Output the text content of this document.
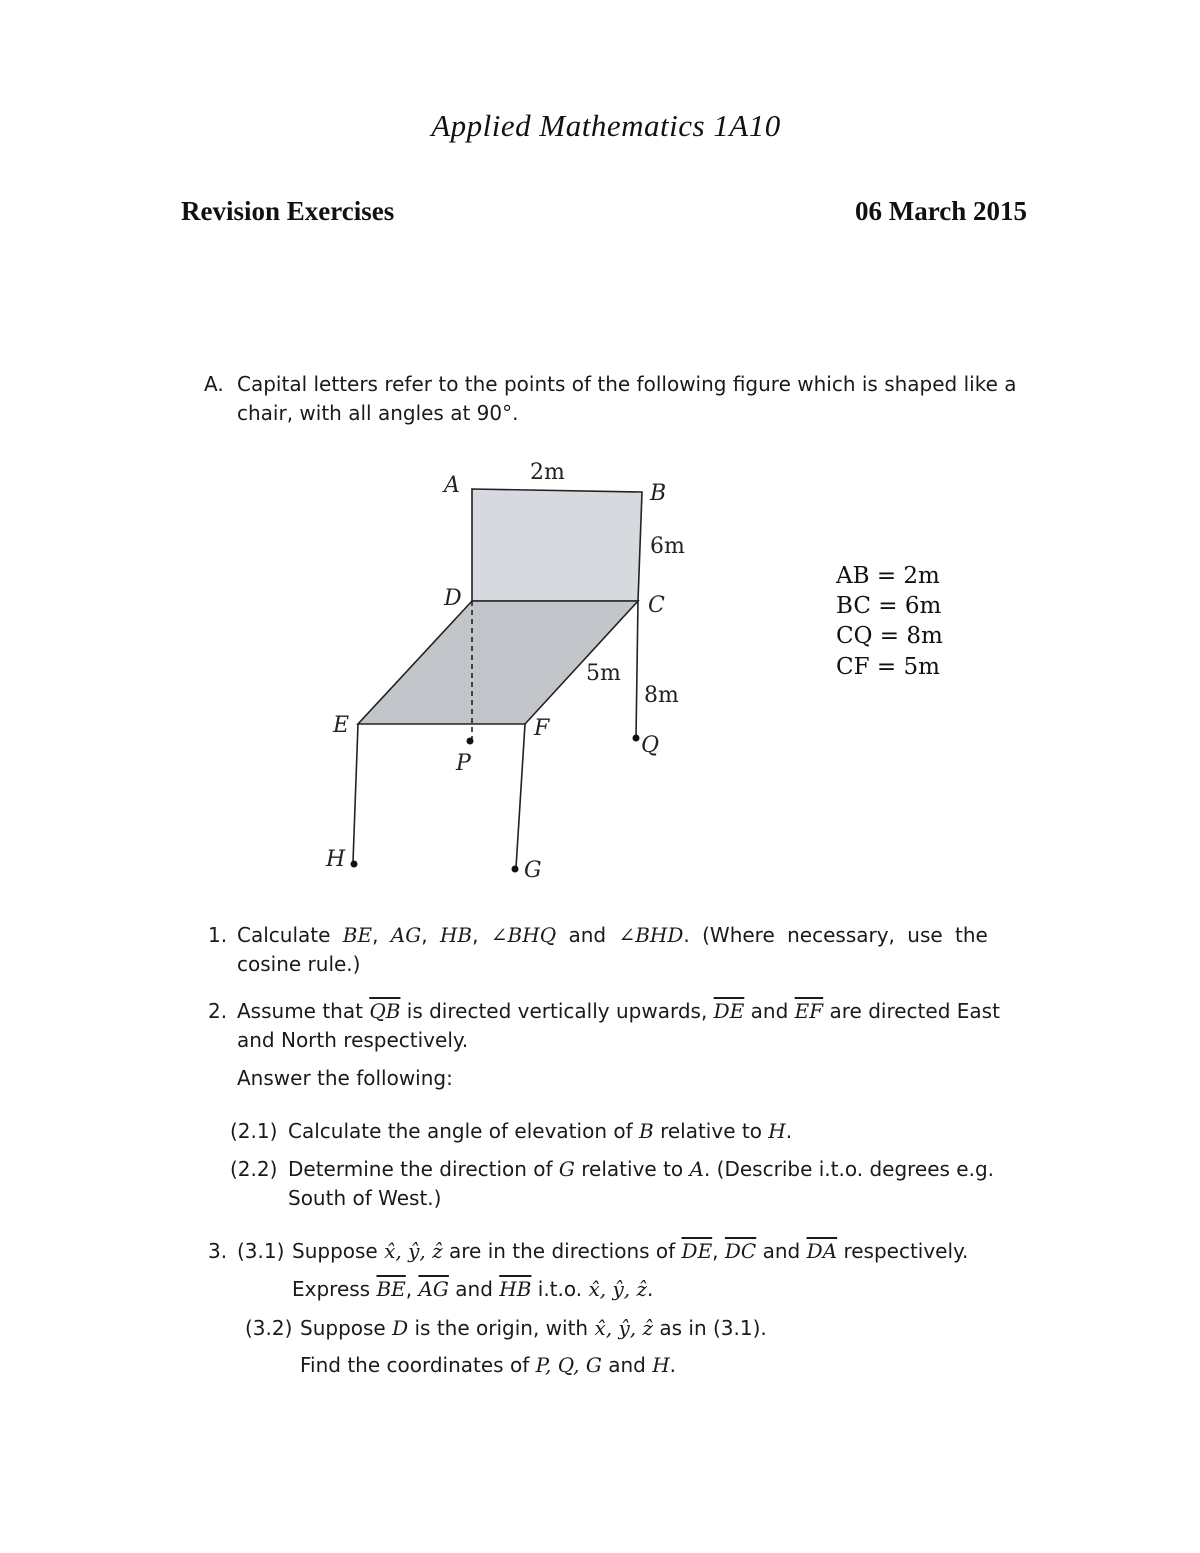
Applied Mathematics 1A10
Revision Exercises	06 March 2015
A. Capital letters refer to the points of the following figure which is shaped like a chair, with all angles at 90°.
A	B
C
D
E	F
P
Q
H	G
2m
6m
5m
8m
AB = 2m
BC = 6m
CQ = 8m
CF = 5m
1. Calculate BE, AG, HB, ∠BHQ and ∠BHD. (Where necessary, use the
cosine rule.)
2. Assume that $\overline{QB}$ is directed vertically upwards, $\overline{DE}$ and $\overline{EF}$ are directed East
and North respectively.
Answer the following:
(2.1) Calculate the angle of elevation of B relative to H.
(2.2) Determine the direction of G relative to A. (Describe i.t.o. degrees e.g.
South of West.)
3. (3.1) Suppose x̂, ŷ, ẑ are in the directions of $\overline{DE}$, $\overline{DC}$ and $\overline{DA}$ respectively.
Express $\overline{BE}$, $\overline{AG}$ and $\overline{HB}$ i.t.o. x̂, ŷ, ẑ.
(3.2) Suppose D is the origin, with x̂, ŷ, ẑ as in (3.1).
Find the coordinates of P, Q, G and H.
